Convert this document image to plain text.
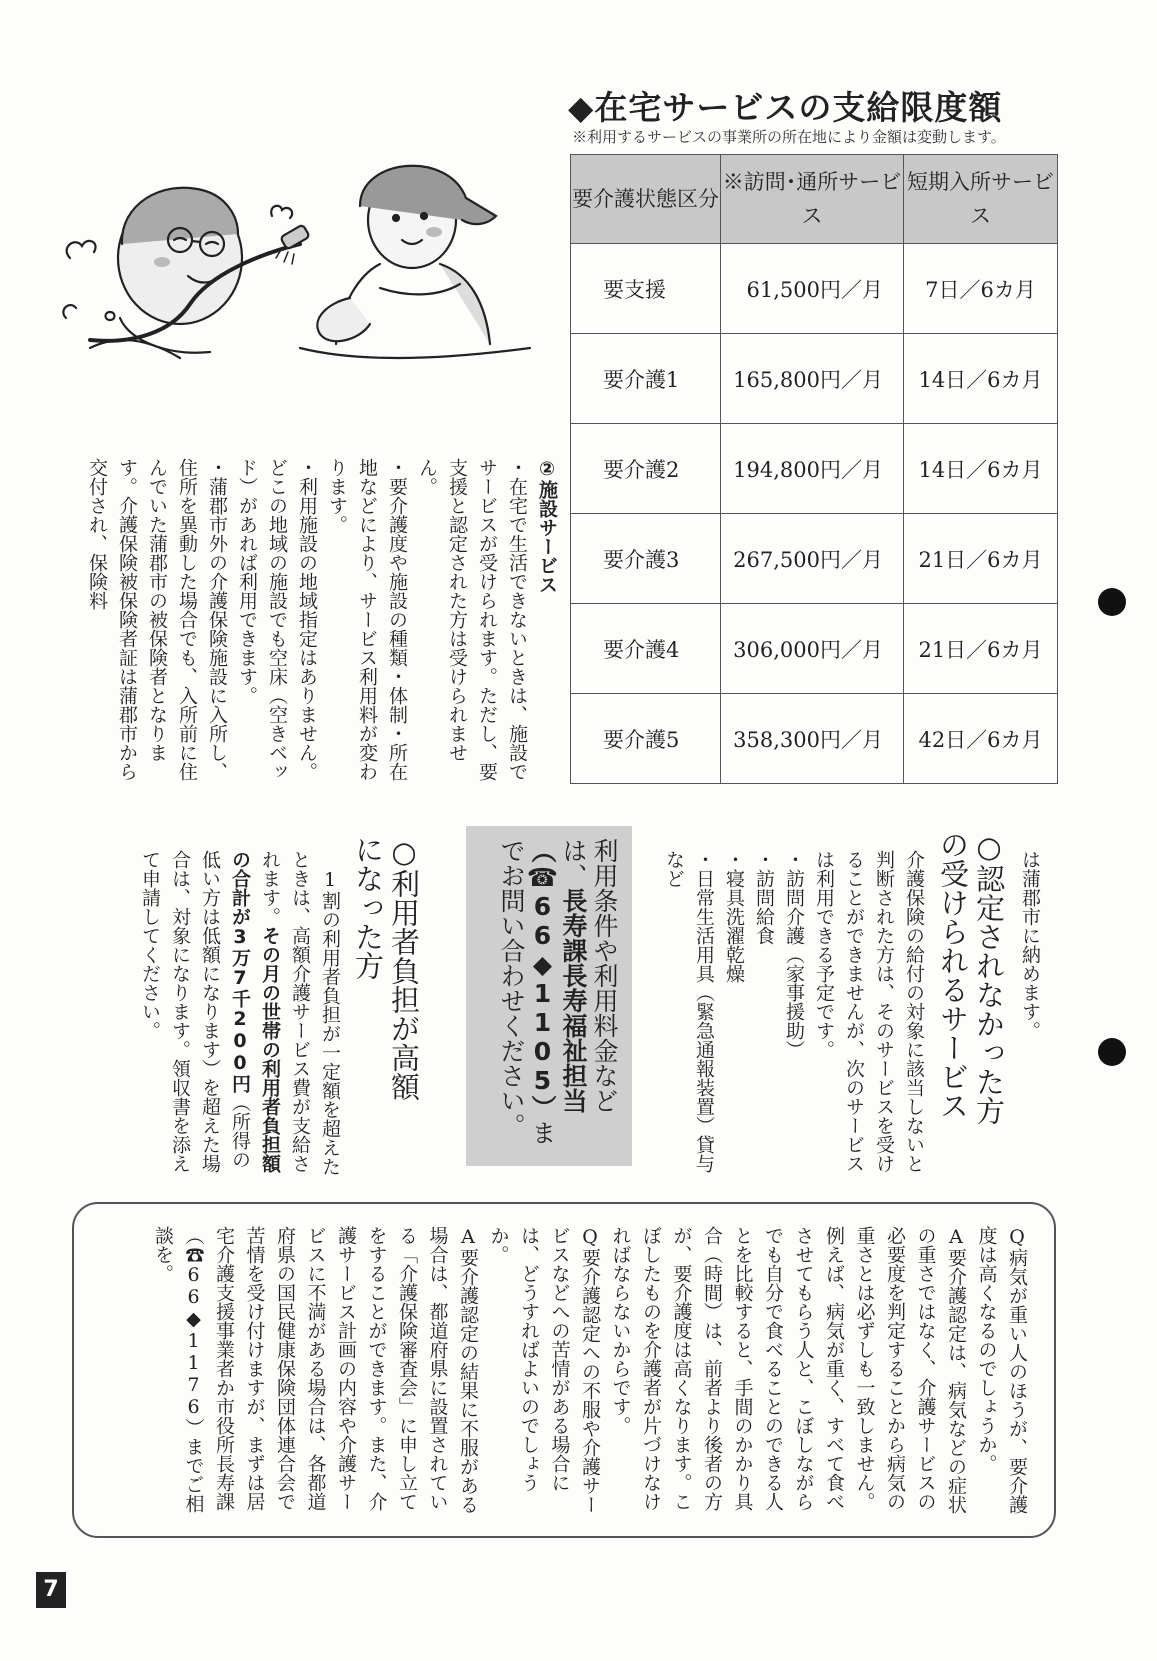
◆在宅サービスの支給限度額
※利用するサービスの事業所の所在地により金額は変動します。
要介護状態区分	※訪問･通所サービス	短期入所サービス
要支援	61,500円／月	7日／6カ月
要介護1	165,800円／月	14日／6カ月
要介護2	194,800円／月	14日／6カ月
要介護3	267,500円／月	21日／6カ月
要介護4	306,000円／月	21日／6カ月
要介護5	358,300円／月	42日／6カ月

②施設サービス

・在宅で生活できないときは、施設でサービスが受けられます。ただし、要支援と認定された方は受けられません。
・要介護度や施設の種類・体制・所在地などにより、サービス利用料が変わります。
・利用施設の地域指定はありません。どこの地域の施設でも空床（空きベッド）があれば利用できます。
・蒲郡市外の介護保険施設に入所し、住所を異動した場合でも、入所前に住んでいた蒲郡市の被保険者となります。介護保険被保険者証は蒲郡市から交付され、保険料

は蒲郡市に納めます。

○認定されなかった方の受けられるサービス

介護保険の給付の対象に該当しないと判断された方は、そのサービスを受けることができませんが、次のサービスは利用できる予定です。
・訪問介護（家事援助）
・訪問給食
・寝具洗濯乾燥
・日常生活用具（緊急通報装置）貸与など

利用条件や利用料金などは、長寿課長寿福祉担当（☎66◆1105）までお問い合わせください。

○利用者負担が高額になった方

　1割の利用者負担が一定額を超えたときは、高額介護サービス費が支給されます。その月の世帯の利用者負担額の合計が3万7千200円（所得の低い方は低額になります）を超えた場合は、対象になります。領収書を添えて申請してください。

Q病気が重い人のほうが、要介護度は高くなるのでしょうか。
A要介護認定は、病気などの症状の重さではなく、介護サービスの必要度を判定することから病気の重さとは必ずしも一致しません。例えば、病気が重く、すべて食べさせてもらう人と、こぼしながらでも自分で食べることのできる人とを比較すると、手間のかかり具合（時間）は、前者より後者の方が、要介護度は高くなります。こぼしたものを介護者が片づけなければならないからです。
Q要介護認定への不服や介護サービスなどへの苦情がある場合には、どうすればよいのでしょうか。
A要介護認定の結果に不服がある場合は、都道府県に設置されている「介護保険審査会」に申し立てをすることができます。また、介護サービス計画の内容や介護サービスに不満がある場合は、各都道府県の国民健康保険団体連合会で苦情を受け付けますが、まずは居宅介護支援事業者か市役所長寿課（☎66◆1176）までご相談を。

7
